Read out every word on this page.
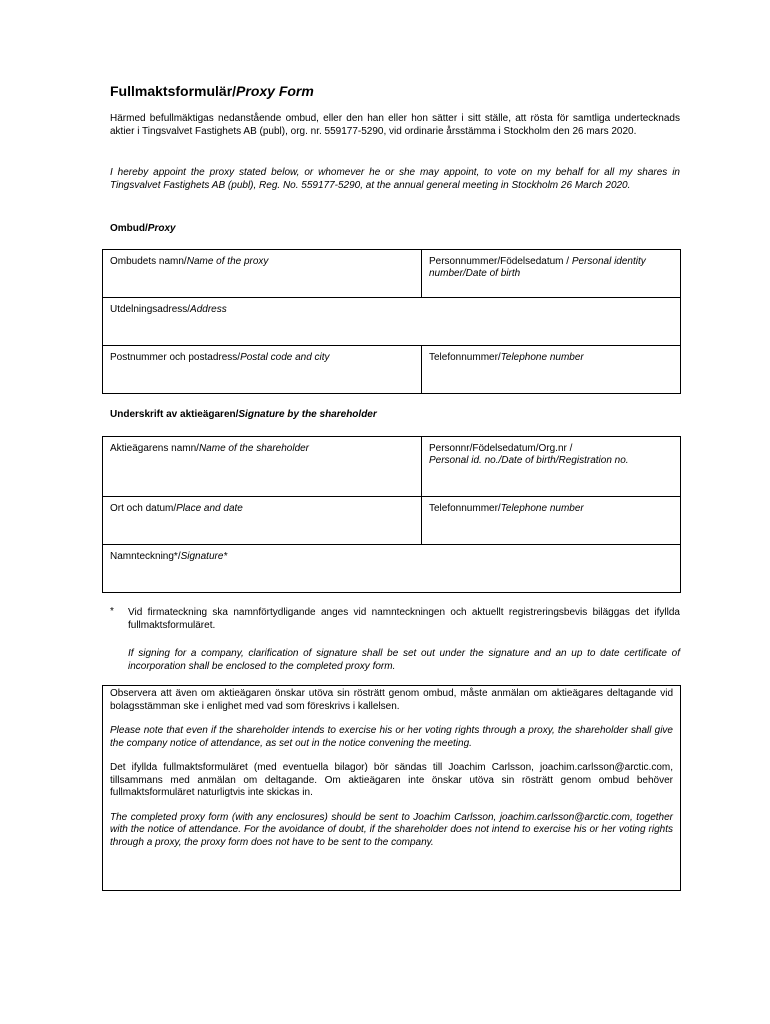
Fullmaktsformulär/Proxy Form
Härmed befullmäktigas nedanstående ombud, eller den han eller hon sätter i sitt ställe, att rösta för samtliga undertecknads aktier i Tingsvalvet Fastighets AB (publ), org. nr. 559177-5290, vid ordinarie årsstämma i Stockholm den 26 mars 2020.
I hereby appoint the proxy stated below, or whomever he or she may appoint, to vote on my behalf for all my shares in Tingsvalvet Fastighets AB (publ), Reg. No. 559177-5290, at the annual general meeting in Stockholm 26 March 2020.
Ombud/Proxy
Ombudets namn/Name of the proxy	Personnummer/Födelsedatum / Personal identity number/Date of birth
Utdelningsadress/Address	
Postnummer och postadress/Postal code and city	Telefonnummer/Telephone number
Underskrift av aktieägaren/Signature by the shareholder
Aktieägarens namn/Name of the shareholder	Personnr/Födelsedatum/Org.nr /
Personal id. no./Date of birth/Registration no.
Ort och datum/Place and date	Telefonnummer/Telephone number
Namnteckning*/Signature*	
* Vid firmateckning ska namnförtydligande anges vid namnteckningen och aktuellt registreringsbevis biläggas det ifyllda fullmaktsformuläret.
If signing for a company, clarification of signature shall be set out under the signature and an up to date certificate of incorporation shall be enclosed to the completed proxy form.

Observera att även om aktieägaren önskar utöva sin rösträtt genom ombud, måste anmälan om aktieägares deltagande vid bolagsstämman ske i enlighet med vad som föreskrivs i kallelsen.

Please note that even if the shareholder intends to exercise his or her voting rights through a proxy, the shareholder shall give the company notice of attendance, as set out in the notice convening the meeting.

Det ifyllda fullmaktsformuläret (med eventuella bilagor) bör sändas till Joachim Carlsson, joachim.carlsson@arctic.com, tillsammans med anmälan om deltagande. Om aktieägaren inte önskar utöva sin rösträtt genom ombud behöver fullmaktsformuläret naturligtvis inte skickas in.

The completed proxy form (with any enclosures) should be sent to Joachim Carlsson, joachim.carlsson@arctic.com, together with the notice of attendance. For the avoidance of doubt, if the shareholder does not intend to exercise his or her voting rights through a proxy, the proxy form does not have to be sent to the company.
